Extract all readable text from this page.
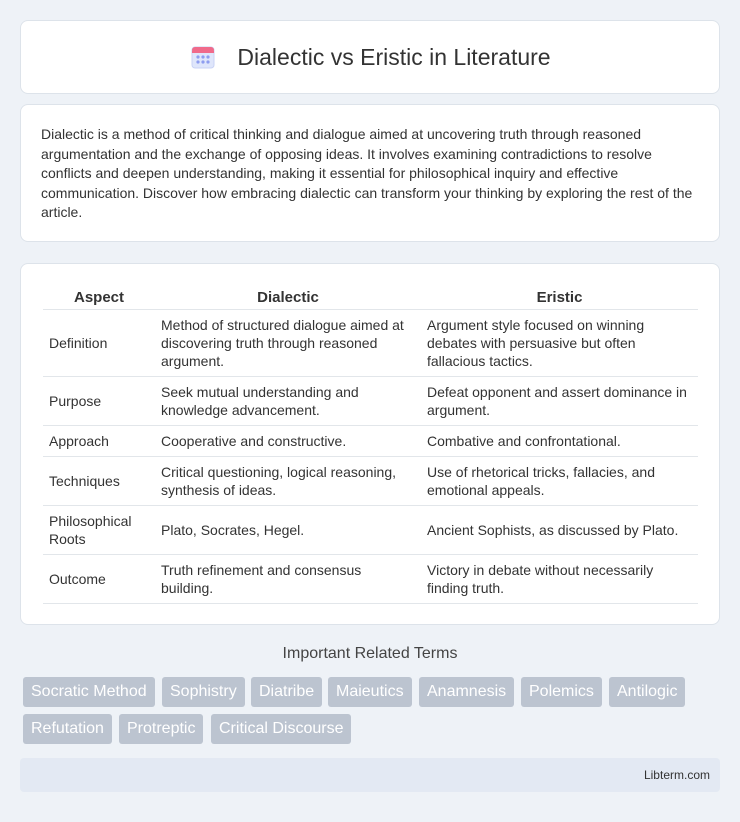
Dialectic vs Eristic in Literature

Dialectic is a method of critical thinking and dialogue aimed at uncovering truth through reasoned argumentation and the exchange of opposing ideas. It involves examining contradictions to resolve conflicts and deepen understanding, making it essential for philosophical inquiry and effective communication. Discover how embracing dialectic can transform your thinking by exploring the rest of the article.

Aspect	Dialectic	Eristic
Definition	Method of structured dialogue aimed at discovering truth through reasoned argument.	Argument style focused on winning debates with persuasive but often fallacious tactics.
Purpose	Seek mutual understanding and knowledge advancement.	Defeat opponent and assert dominance in argument.
Approach	Cooperative and constructive.	Combative and confrontational.
Techniques	Critical questioning, logical reasoning, synthesis of ideas.	Use of rhetorical tricks, fallacies, and emotional appeals.
Philosophical Roots	Plato, Socrates, Hegel.	Ancient Sophists, as discussed by Plato.
Outcome	Truth refinement and consensus building.	Victory in debate without necessarily finding truth.
Important Related Terms
Socratic Method	Sophistry	Diatribe	Maieutics	Anamnesis	Polemics	Antilogic
Refutation	Protreptic	Critical Discourse
Libterm.com
